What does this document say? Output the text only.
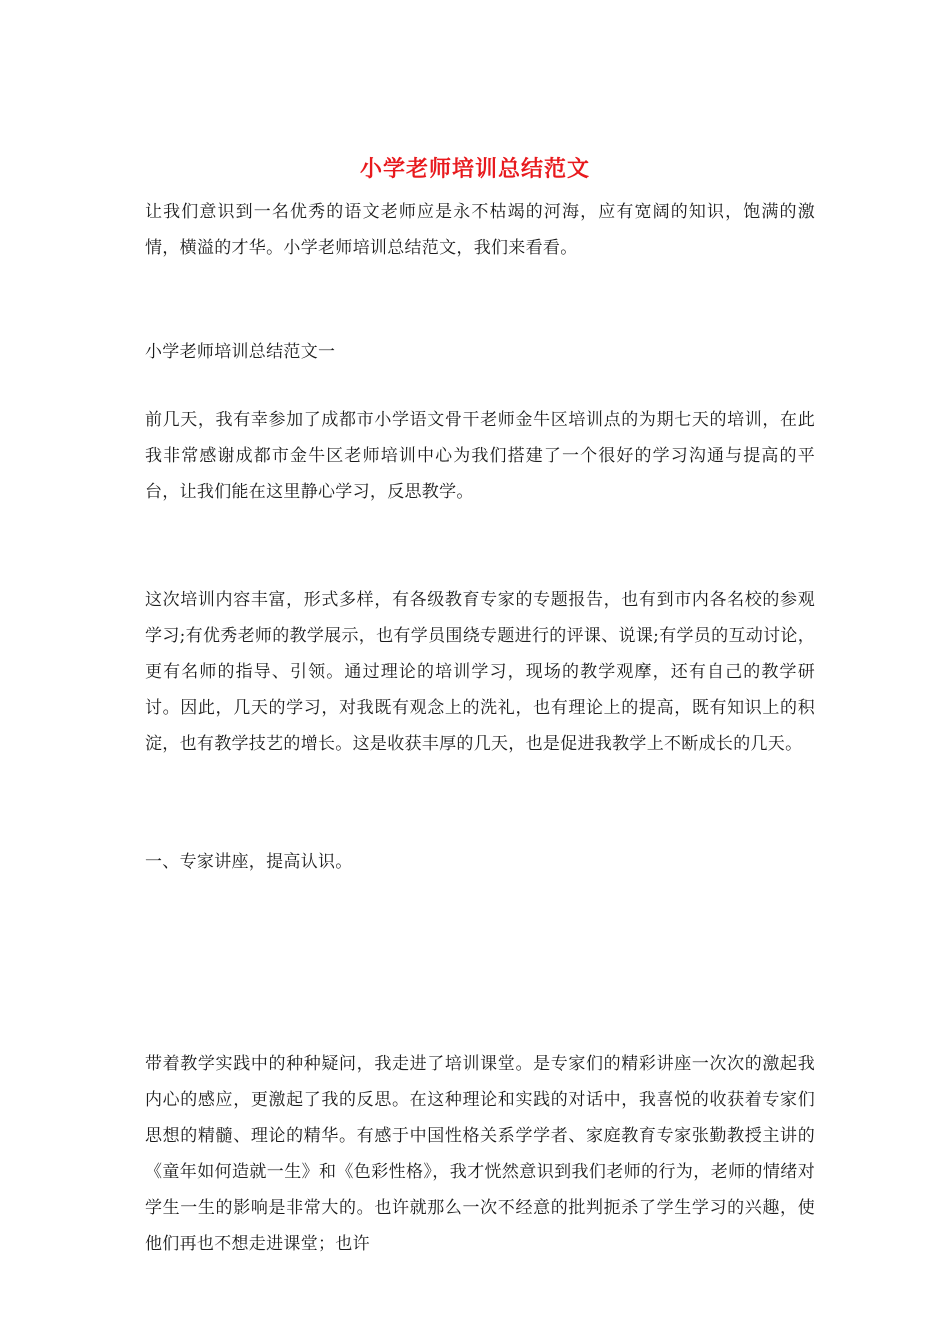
小学老师培训总结范文

让我们意识到一名优秀的语文老师应是永不枯竭的河海，应有宽阔的知识，饱满的激情，横溢的才华。小学老师培训总结范文，我们来看看。

小学老师培训总结范文一

前几天，我有幸参加了成都市小学语文骨干老师金牛区培训点的为期七天的培训，在此我非常感谢成都市金牛区老师培训中心为我们搭建了一个很好的学习沟通与提高的平台，让我们能在这里静心学习，反思教学。

这次培训内容丰富，形式多样，有各级教育专家的专题报告，也有到市内各名校的参观学习;有优秀老师的教学展示，也有学员围绕专题进行的评课、说课;有学员的互动讨论，更有名师的指导、引领。通过理论的培训学习，现场的教学观摩，还有自己的教学研讨。因此，几天的学习，对我既有观念上的洗礼，也有理论上的提高，既有知识上的积淀，也有教学技艺的增长。这是收获丰厚的几天，也是促进我教学上不断成长的几天。

一、专家讲座，提高认识。

带着教学实践中的种种疑问，我走进了培训课堂。是专家们的精彩讲座一次次的激起我内心的感应，更激起了我的反思。在这种理论和实践的对话中，我喜悦的收获着专家们思想的精髓、理论的精华。有感于中国性格关系学学者、家庭教育专家张勤教授主讲的《童年如何造就一生》和《色彩性格》，我才恍然意识到我们老师的行为，老师的情绪对学生一生的影响是非常大的。也许就那么一次不经意的批判扼杀了学生学习的兴趣，使他们再也不想走进课堂；也许
